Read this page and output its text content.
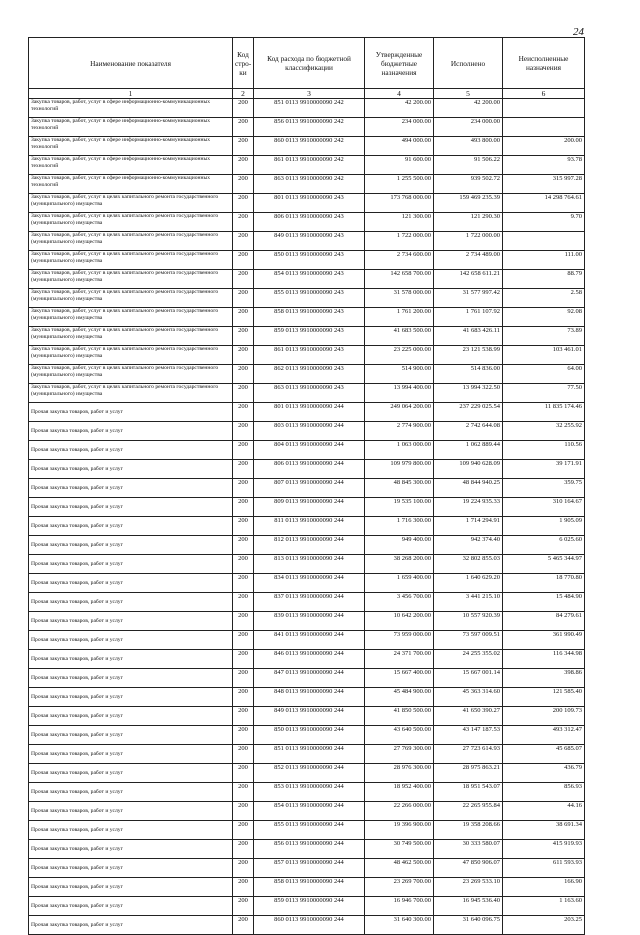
24
Наименование показателя	Код стро-ки	Код расхода по бюджетной классификации	Утвержденные бюджетные назначения	Исполнено	Неисполненные назначения
1	2	3	4	5	6
Закупка товаров, работ, услуг в сфере информационно-коммуникационных технологий	200	851 0113 9910000090 242	42 200.00	42 200.00	
Закупка товаров, работ, услуг в сфере информационно-коммуникационных технологий	200	856 0113 9910000090 242	234 000.00	234 000.00	
Закупка товаров, работ, услуг в сфере информационно-коммуникационных технологий	200	860 0113 9910000090 242	494 000.00	493 800.00	200.00
Закупка товаров, работ, услуг в сфере информационно-коммуникационных технологий	200	861 0113 9910000090 242	91 600.00	91 506.22	93.78
Закупка товаров, работ, услуг в сфере информационно-коммуникационных технологий	200	863 0113 9910000090 242	1 255 500.00	939 502.72	315 997.28
Закупка товаров, работ, услуг в целях капитального ремонта государственного (муниципального) имущества	200	801 0113 9910000090 243	173 768 000.00	159 469 235.39	14 298 764.61
Закупка товаров, работ, услуг в целях капитального ремонта государственного (муниципального) имущества	200	806 0113 9910000090 243	121 300.00	121 290.30	9.70
Закупка товаров, работ, услуг в целях капитального ремонта государственного (муниципального) имущества	200	849 0113 9910000090 243	1 722 000.00	1 722 000.00	
Закупка товаров, работ, услуг в целях капитального ремонта государственного (муниципального) имущества	200	850 0113 9910000090 243	2 734 600.00	2 734 489.00	111.00
Закупка товаров, работ, услуг в целях капитального ремонта государственного (муниципального) имущества	200	854 0113 9910000090 243	142 658 700.00	142 658 611.21	88.79
Закупка товаров, работ, услуг в целях капитального ремонта государственного (муниципального) имущества	200	855 0113 9910000090 243	31 578 000.00	31 577 997.42	2.58
Закупка товаров, работ, услуг в целях капитального ремонта государственного (муниципального) имущества	200	858 0113 9910000090 243	1 761 200.00	1 761 107.92	92.08
Закупка товаров, работ, услуг в целях капитального ремонта государственного (муниципального) имущества	200	859 0113 9910000090 243	41 683 500.00	41 683 426.11	73.89
Закупка товаров, работ, услуг в целях капитального ремонта государственного (муниципального) имущества	200	861 0113 9910000090 243	23 225 000.00	23 121 538.99	103 461.01
Закупка товаров, работ, услуг в целях капитального ремонта государственного (муниципального) имущества	200	862 0113 9910000090 243	514 900.00	514 836.00	64.00
Закупка товаров, работ, услуг в целях капитального ремонта государственного (муниципального) имущества	200	863 0113 9910000090 243	13 994 400.00	13 994 322.50	77.50
Прочая закупка товаров, работ и услуг	200	801 0113 9910000090 244	249 064 200.00	237 229 025.54	11 835 174.46
Прочая закупка товаров, работ и услуг	200	803 0113 9910000090 244	2 774 900.00	2 742 644.08	32 255.92
Прочая закупка товаров, работ и услуг	200	804 0113 9910000090 244	1 063 000.00	1 062 889.44	110.56
Прочая закупка товаров, работ и услуг	200	806 0113 9910000090 244	109 979 800.00	109 940 628.09	39 171.91
Прочая закупка товаров, работ и услуг	200	807 0113 9910000090 244	48 845 300.00	48 844 940.25	359.75
Прочая закупка товаров, работ и услуг	200	809 0113 9910000090 244	19 535 100.00	19 224 935.33	310 164.67
Прочая закупка товаров, работ и услуг	200	811 0113 9910000090 244	1 716 300.00	1 714 294.91	1 905.09
Прочая закупка товаров, работ и услуг	200	812 0113 9910000090 244	949 400.00	942 374.40	6 025.60
Прочая закупка товаров, работ и услуг	200	813 0113 9910000090 244	38 268 200.00	32 802 855.03	5 465 344.97
Прочая закупка товаров, работ и услуг	200	834 0113 9910000090 244	1 659 400.00	1 640 629.20	18 770.80
Прочая закупка товаров, работ и услуг	200	837 0113 9910000090 244	3 456 700.00	3 441 215.10	15 484.90
Прочая закупка товаров, работ и услуг	200	839 0113 9910000090 244	10 642 200.00	10 557 920.39	84 279.61
Прочая закупка товаров, работ и услуг	200	841 0113 9910000090 244	73 959 000.00	73 597 009.51	361 990.49
Прочая закупка товаров, работ и услуг	200	846 0113 9910000090 244	24 371 700.00	24 255 355.02	116 344.98
Прочая закупка товаров, работ и услуг	200	847 0113 9910000090 244	15 667 400.00	15 667 001.14	398.86
Прочая закупка товаров, работ и услуг	200	848 0113 9910000090 244	45 484 900.00	45 363 314.60	121 585.40
Прочая закупка товаров, работ и услуг	200	849 0113 9910000090 244	41 850 500.00	41 650 390.27	200 109.73
Прочая закупка товаров, работ и услуг	200	850 0113 9910000090 244	43 640 500.00	43 147 187.53	493 312.47
Прочая закупка товаров, работ и услуг	200	851 0113 9910000090 244	27 769 300.00	27 723 614.93	45 685.07
Прочая закупка товаров, работ и услуг	200	852 0113 9910000090 244	28 976 300.00	28 975 863.21	436.79
Прочая закупка товаров, работ и услуг	200	853 0113 9910000090 244	18 952 400.00	18 951 543.07	856.93
Прочая закупка товаров, работ и услуг	200	854 0113 9910000090 244	22 266 000.00	22 265 955.84	44.16
Прочая закупка товаров, работ и услуг	200	855 0113 9910000090 244	19 396 900.00	19 358 208.66	38 691.34
Прочая закупка товаров, работ и услуг	200	856 0113 9910000090 244	30 749 500.00	30 333 580.07	415 919.93
Прочая закупка товаров, работ и услуг	200	857 0113 9910000090 244	48 462 500.00	47 850 906.07	611 593.93
Прочая закупка товаров, работ и услуг	200	858 0113 9910000090 244	23 269 700.00	23 269 533.10	166.90
Прочая закупка товаров, работ и услуг	200	859 0113 9910000090 244	16 946 700.00	16 945 536.40	1 163.60
Прочая закупка товаров, работ и услуг	200	860 0113 9910000090 244	31 640 300.00	31 640 096.75	203.25
